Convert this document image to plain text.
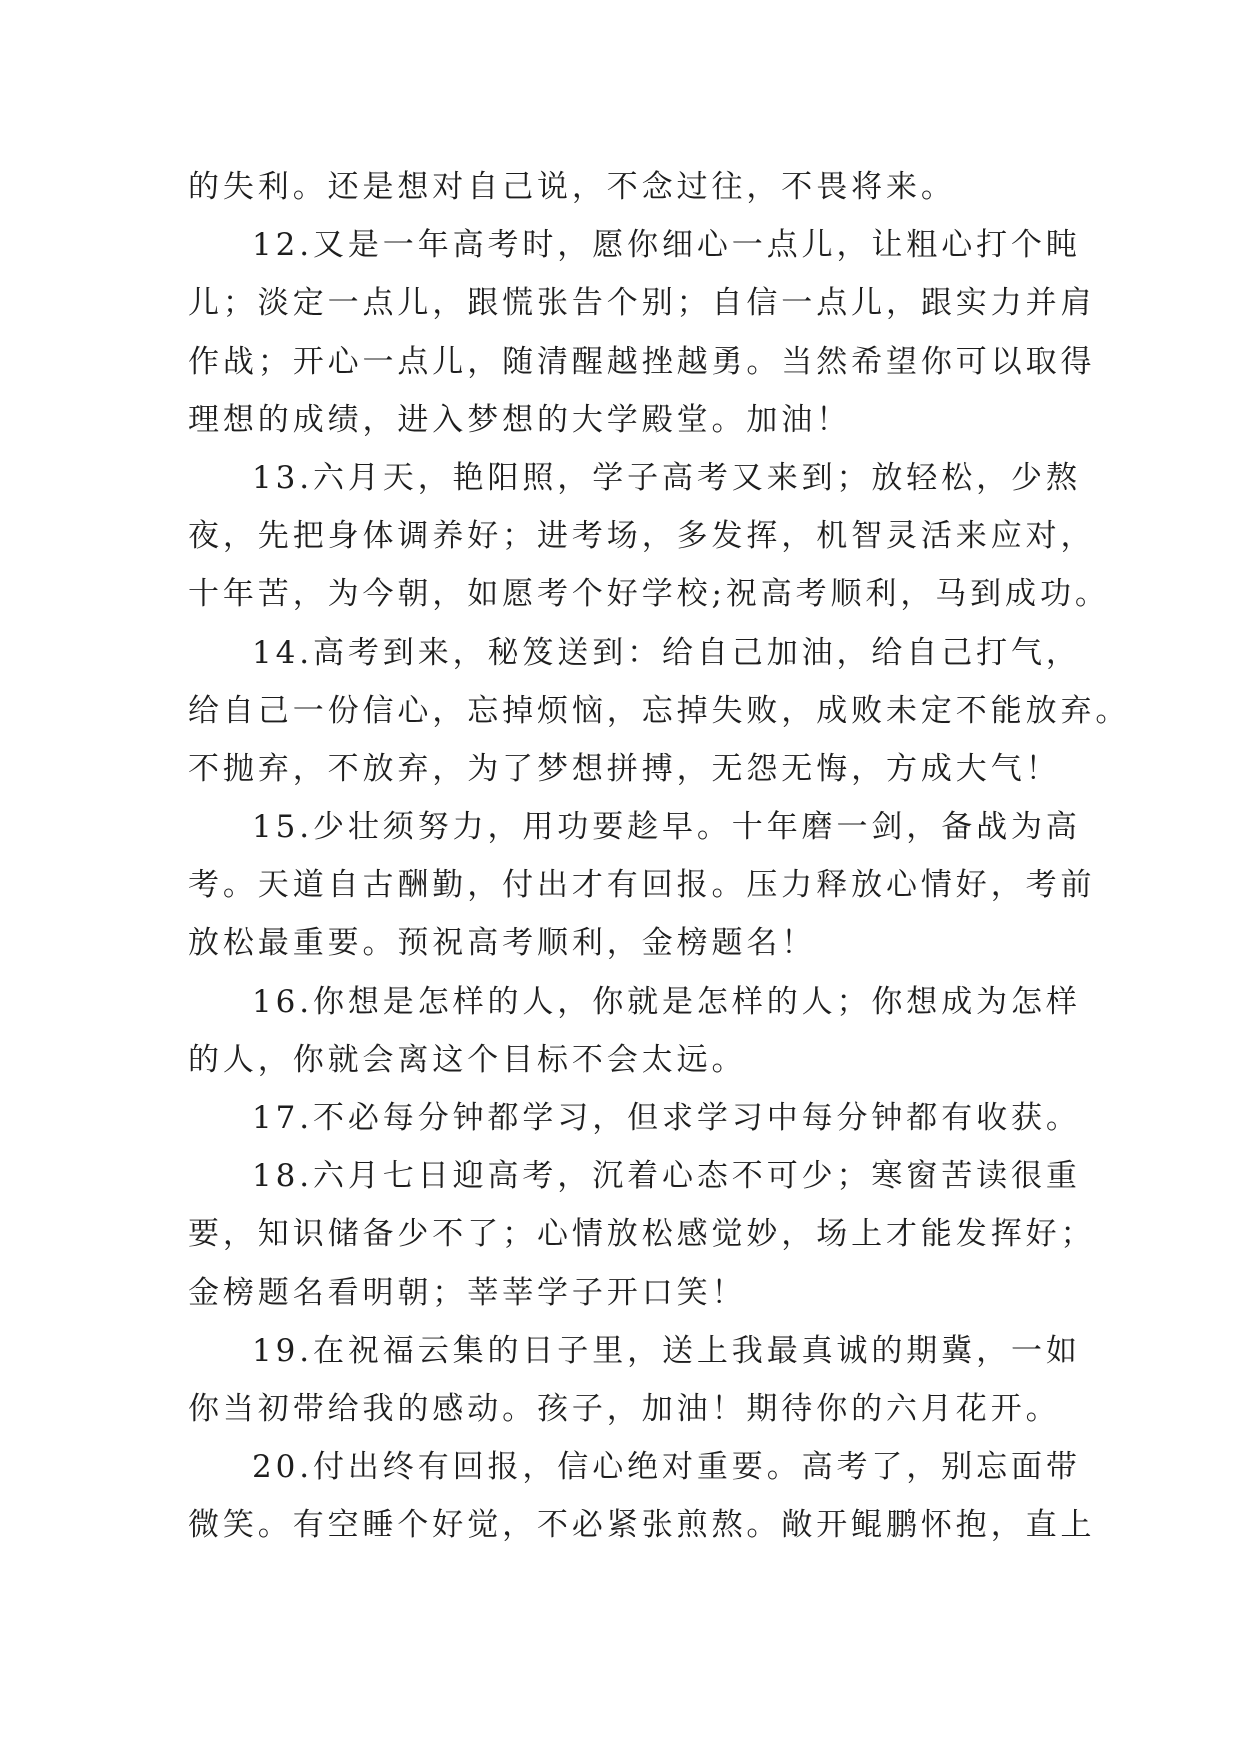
的失利。还是想对自己说，不念过往，不畏将来。
12.又是一年高考时，愿你细心一点儿，让粗心打个盹
儿；淡定一点儿，跟慌张告个别；自信一点儿，跟实力并肩
作战；开心一点儿，随清醒越挫越勇。当然希望你可以取得
理想的成绩，进入梦想的大学殿堂。加油！
13.六月天，艳阳照，学子高考又来到；放轻松，少熬
夜，先把身体调养好；进考场，多发挥，机智灵活来应对，
十年苦，为今朝，如愿考个好学校;祝高考顺利，马到成功。
14.高考到来，秘笈送到：给自己加油，给自己打气，
给自己一份信心，忘掉烦恼，忘掉失败，成败未定不能放弃。
不抛弃，不放弃，为了梦想拼搏，无怨无悔，方成大气！
15.少壮须努力，用功要趁早。十年磨一剑，备战为高
考。天道自古酬勤，付出才有回报。压力释放心情好，考前
放松最重要。预祝高考顺利，金榜题名！
16.你想是怎样的人，你就是怎样的人；你想成为怎样
的人，你就会离这个目标不会太远。
17.不必每分钟都学习，但求学习中每分钟都有收获。
18.六月七日迎高考，沉着心态不可少；寒窗苦读很重
要，知识储备少不了；心情放松感觉妙，场上才能发挥好；
金榜题名看明朝；莘莘学子开口笑！
19.在祝福云集的日子里，送上我最真诚的期冀，一如
你当初带给我的感动。孩子，加油！期待你的六月花开。
20.付出终有回报，信心绝对重要。高考了，别忘面带
微笑。有空睡个好觉，不必紧张煎熬。敞开鲲鹏怀抱，直上
